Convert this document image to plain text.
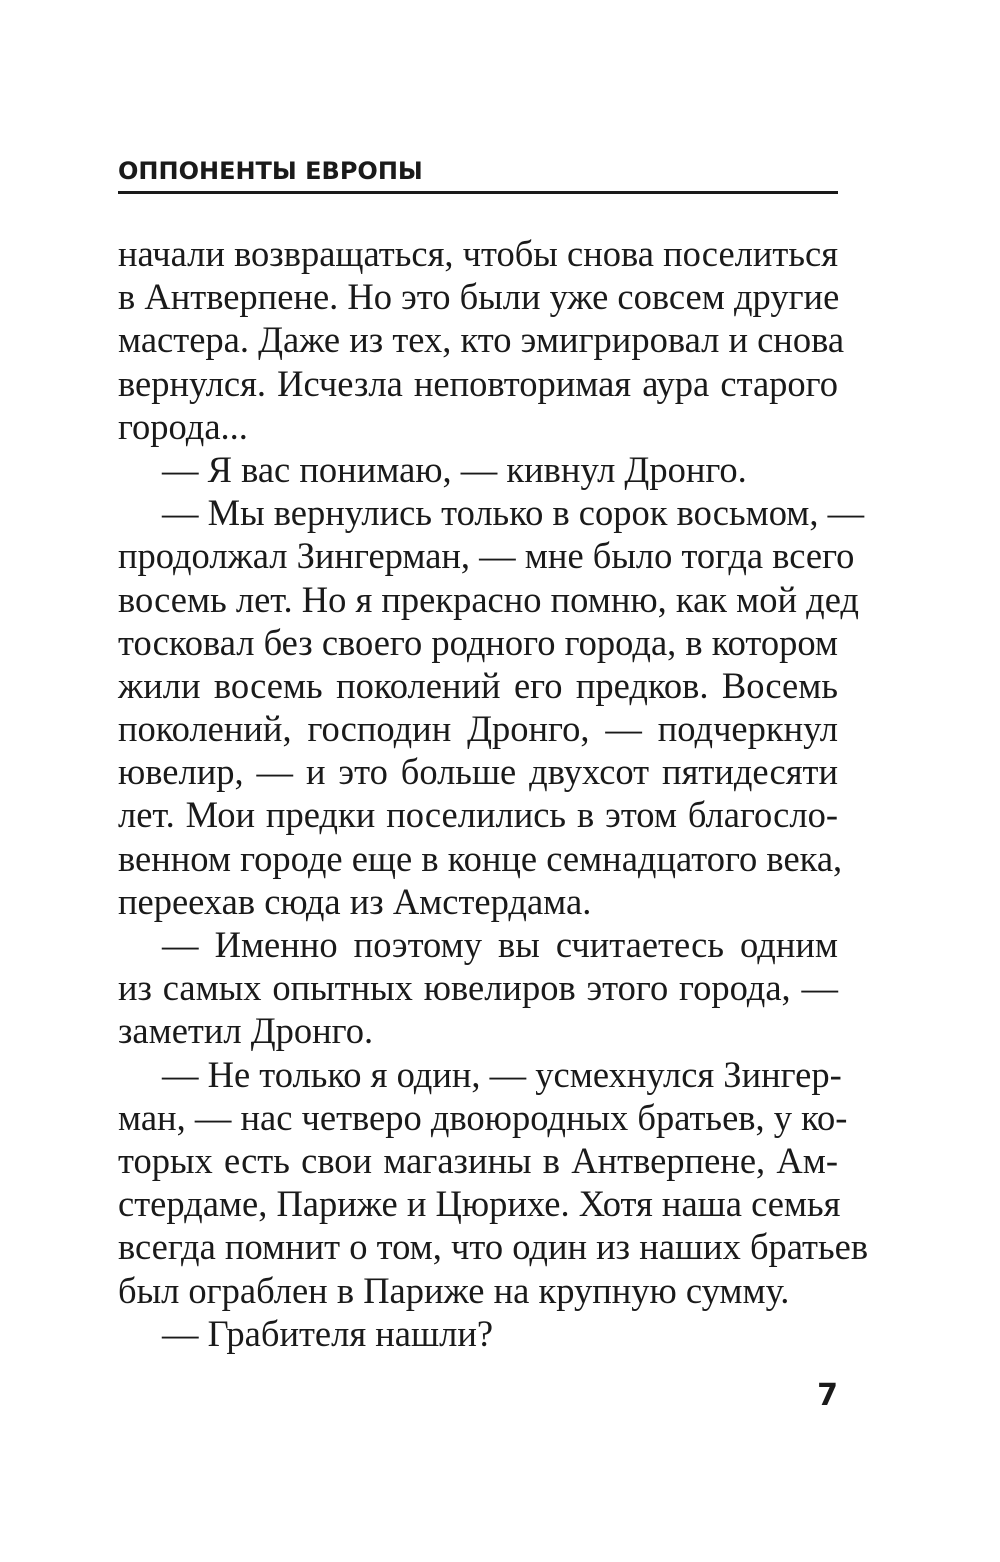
ОППОНЕНТЫ ЕВРОПЫ
начали возвращаться, чтобы снова поселиться
в Антверпене. Но это были уже совсем другие
мастера. Даже из тех, кто эмигрировал и снова
вернулся. Исчезла неповторимая аура старого
города...
— Я вас понимаю, — кивнул Дронго.
— Мы вернулись только в сорок восьмом, —
продолжал Зингерман, — мне было тогда всего
восемь лет. Но я прекрасно помню, как мой дед
тосковал без своего родного города, в котором
жили восемь поколений его предков. Восемь
поколений, господин Дронго, — подчеркнул
ювелир, — и это больше двухсот пятидесяти
лет. Мои предки поселились в этом благосло-
венном городе еще в конце семнадцатого века,
переехав сюда из Амстердама.
— Именно поэтому вы считаетесь одним
из самых опытных ювелиров этого города, —
заметил Дронго.
— Не только я один, — усмехнулся Зингер-
ман, — нас четверо двоюродных братьев, у ко-
торых есть свои магазины в Антверпене, Ам-
стердаме, Париже и Цюрихе. Хотя наша семья
всегда помнит о том, что один из наших братьев
был ограблен в Париже на крупную сумму.
— Грабителя нашли?
7
